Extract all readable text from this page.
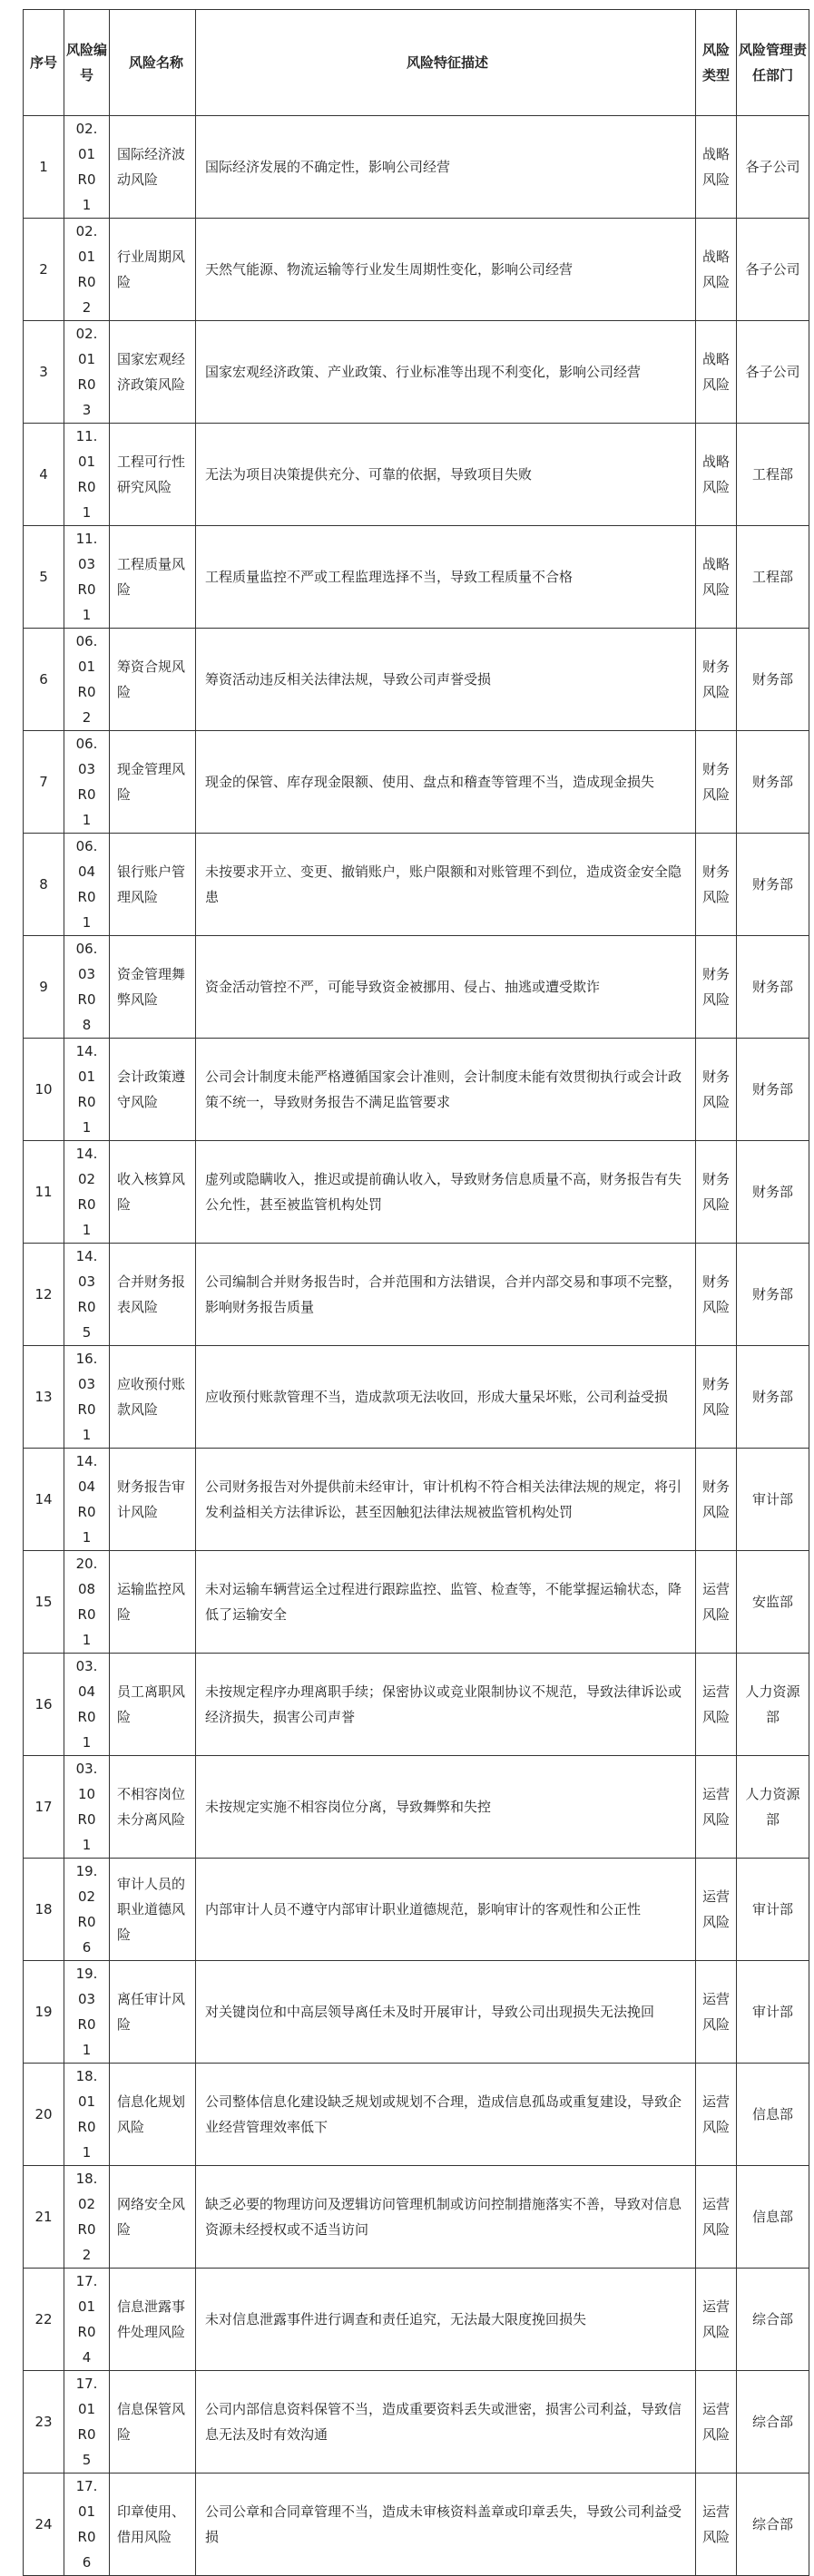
序号	风险编号	风险名称	风险特征描述	风险类型	风险管理责任部门
1	02.01R01	国际经济波动风险	国际经济发展的不确定性，影响公司经营	战略风险	各子公司

2	02.01R02	行业周期风险	天然气能源、物流运输等行业发生周期性变化，影响公司经营	战略风险	各子公司

3	02.01R03	国家宏观经济政策风险	国家宏观经济政策、产业政策、行业标准等出现不利变化，影响公司经营	战略风险	各子公司

4	11.01R01	工程可行性研究风险	无法为项目决策提供充分、可靠的依据，导致项目失败	战略风险	工程部

5	11.03R01	工程质量风险	工程质量监控不严或工程监理选择不当，导致工程质量不合格	战略风险	工程部

6	06.01R02	筹资合规风险	筹资活动违反相关法律法规，导致公司声誉受损	财务风险	财务部

7	06.03R01	现金管理风险	现金的保管、库存现金限额、使用、盘点和稽查等管理不当，造成现金损失	财务风险	财务部

8	06.04R01	银行账户管理风险	未按要求开立、变更、撤销账户，账户限额和对账管理不到位，造成资金安全隐患	财务风险	财务部

9	06.03R08	资金管理舞弊风险	资金活动管控不严，可能导致资金被挪用、侵占、抽逃或遭受欺诈	财务风险	财务部

10	14.01R01	会计政策遵守风险	公司会计制度未能严格遵循国家会计准则，会计制度未能有效贯彻执行或会计政策不统一，导致财务报告不满足监管要求	财务风险	财务部

11	14.02R01	收入核算风险	虚列或隐瞒收入，推迟或提前确认收入，导致财务信息质量不高，财务报告有失公允性，甚至被监管机构处罚	财务风险	财务部

12	14.03R05	合并财务报表风险	公司编制合并财务报告时，合并范围和方法错误，合并内部交易和事项不完整，影响财务报告质量	财务风险	财务部

13	16.03R01	应收预付账款风险	应收预付账款管理不当，造成款项无法收回，形成大量呆坏账，公司利益受损	财务风险	财务部

14	14.04R01	财务报告审计风险	公司财务报告对外提供前未经审计，审计机构不符合相关法律法规的规定，将引发利益相关方法律诉讼，甚至因触犯法律法规被监管机构处罚	财务风险	审计部

15	20.08R01	运输监控风险	未对运输车辆营运全过程进行跟踪监控、监管、检查等，不能掌握运输状态，降低了运输安全	运营风险	安监部

16	03.04R01	员工离职风险	未按规定程序办理离职手续；保密协议或竞业限制协议不规范，导致法律诉讼或经济损失，损害公司声誉	运营风险	人力资源部

17	03.10R01	不相容岗位未分离风险	未按规定实施不相容岗位分离，导致舞弊和失控	运营风险	人力资源部

18	19.02R06	审计人员的职业道德风险	内部审计人员不遵守内部审计职业道德规范，影响审计的客观性和公正性	运营风险	审计部

19	19.03R01	离任审计风险	对关键岗位和中高层领导离任未及时开展审计，导致公司出现损失无法挽回	运营风险	审计部

20	18.01R01	信息化规划风险	公司整体信息化建设缺乏规划或规划不合理，造成信息孤岛或重复建设，导致企业经营管理效率低下	运营风险	信息部

21	18.02R02	网络安全风险	缺乏必要的物理访问及逻辑访问管理机制或访问控制措施落实不善，导致对信息资源未经授权或不适当访问	运营风险	信息部

22	17.01R04	信息泄露事件处理风险	未对信息泄露事件进行调查和责任追究，无法最大限度挽回损失	运营风险	综合部

23	17.01R05	信息保管风险	公司内部信息资料保管不当，造成重要资料丢失或泄密，损害公司利益，导致信息无法及时有效沟通	运营风险	综合部

24	17.01R06	印章使用、借用风险	公司公章和合同章管理不当，造成未审核资料盖章或印章丢失，导致公司利益受损	运营风险	综合部
